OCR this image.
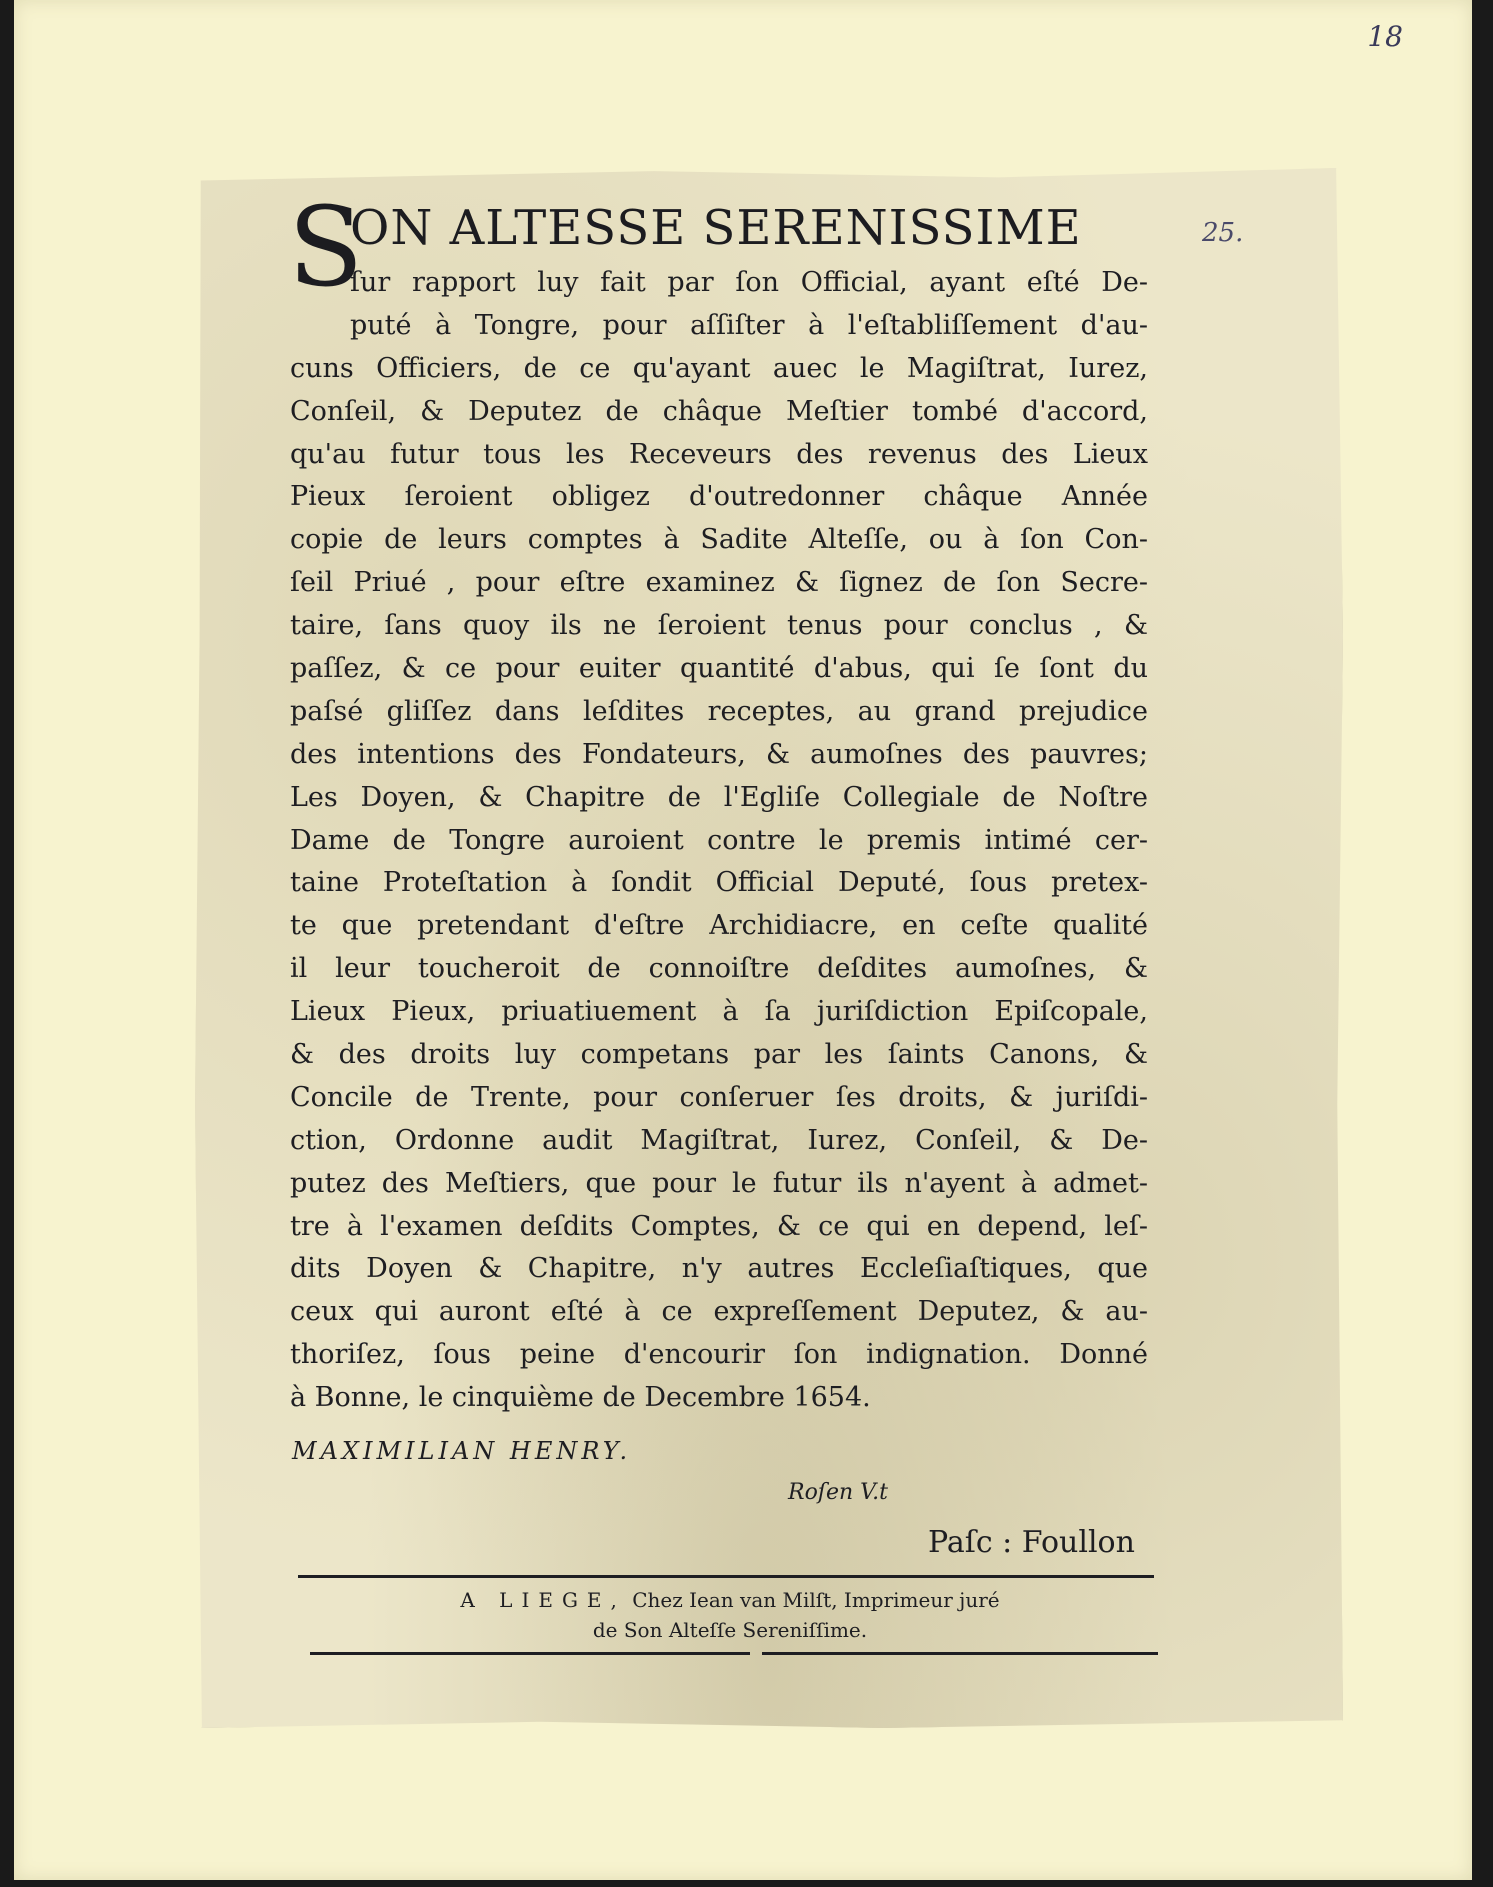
18
25.
S
ON ALTESSE SERENISSIME
ſur rapport luy fait par ſon Official, ayant eſté De-
puté à Tongre, pour aſſiſter à l'eſtabliſſement d'au-
cuns Officiers, de ce qu'ayant auec le Magiſtrat, Iurez,
Conſeil, & Deputez de châque Meſtier tombé d'accord,
qu'au futur tous les Receveurs des revenus des Lieux
Pieux ſeroient obligez d'outredonner châque Année
copie de leurs comptes à Sadite Alteſſe, ou à ſon Con-
ſeil Priué , pour eſtre examinez & ſignez de ſon Secre-
taire, ſans quoy ils ne ſeroient tenus pour conclus , &
paſſez, & ce pour euiter quantité d'abus, qui ſe ſont du
paſsé gliſſez dans leſdites receptes, au grand prejudice
des intentions des Fondateurs, & aumoſnes des pauvres;
Les Doyen, & Chapitre de l'Egliſe Collegiale de Noſtre
Dame de Tongre auroient contre le premis intimé cer-
taine Proteſtation à ſondit Official Deputé, ſous pretex-
te que pretendant d'eſtre Archidiacre, en ceſte qualité
il leur toucheroit de connoiſtre deſdites aumoſnes, &
Lieux Pieux, priuatiuement à ſa juriſdiction Epiſcopale,
& des droits luy competans par les ſaints Canons, &
Concile de Trente, pour conſeruer ſes droits, & juriſdi-
ction, Ordonne audit Magiſtrat, Iurez, Conſeil, & De-
putez des Meſtiers, que pour le futur ils n'ayent à admet-
tre à l'examen deſdits Comptes, & ce qui en depend, leſ-
dits Doyen & Chapitre, n'y autres Eccleſiaſtiques, que
ceux qui auront eſté à ce expreſſement Deputez, & au-
thoriſez, ſous peine d'encourir ſon indignation. Donné
à Bonne, le cinquième de Decembre 1654.
MAXIMILIAN HENRY.
Roſen V.t
Paſc : Foullon
A LIEGE, Chez Iean van Milſt, Imprimeur juré
de Son Alteſſe Sereniſſime.
